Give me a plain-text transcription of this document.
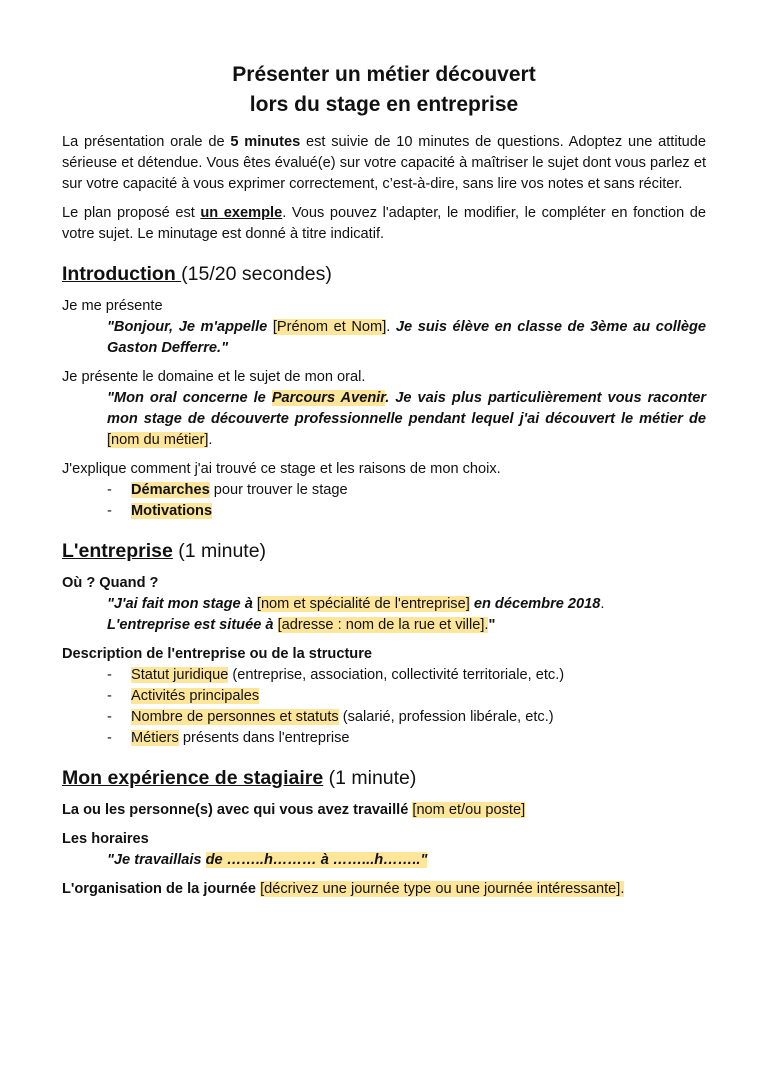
Présenter un métier découvert
lors du stage en entreprise

La présentation orale de 5 minutes est suivie de 10 minutes de questions. Adoptez une attitude sérieuse et détendue. Vous êtes évalué(e) sur votre capacité à maîtriser le sujet dont vous parlez et sur votre capacité à vous exprimer correctement, c’est-à-dire, sans lire vos notes et sans réciter.

Le plan proposé est un exemple. Vous pouvez l'adapter, le modifier, le compléter en fonction de votre sujet. Le minutage est donné à titre indicatif.

Introduction (15/20 secondes)

Je me présente

"Bonjour, Je m'appelle [Prénom et Nom]. Je suis élève en classe de 3ème au collège Gaston Defferre."

Je présente le domaine et le sujet de mon oral.

"Mon oral concerne le Parcours Avenir. Je vais plus particulièrement vous raconter mon stage de découverte professionnelle pendant lequel j'ai découvert le métier de [nom du métier].

J'explique comment j'ai trouvé ce stage et les raisons de mon choix.

- Démarches pour trouver le stage
- Motivations
L'entreprise (1 minute)

Où ? Quand ?

"J'ai fait mon stage à [nom et spécialité de l'entreprise] en décembre 2018.

L'entreprise est située à [adresse : nom de la rue et ville]."

Description de l'entreprise ou de la structure

- Statut juridique (entreprise, association, collectivité territoriale, etc.)
- Activités principales
- Nombre de personnes et statuts (salarié, profession libérale, etc.)
- Métiers présents dans l'entreprise
Mon expérience de stagiaire (1 minute)

La ou les personne(s) avec qui vous avez travaillé [nom et/ou poste]

Les horaires

"Je travaillais de ……..h……… à ……...h…….."

L'organisation de la journée [décrivez une journée type ou une journée intéressante].
